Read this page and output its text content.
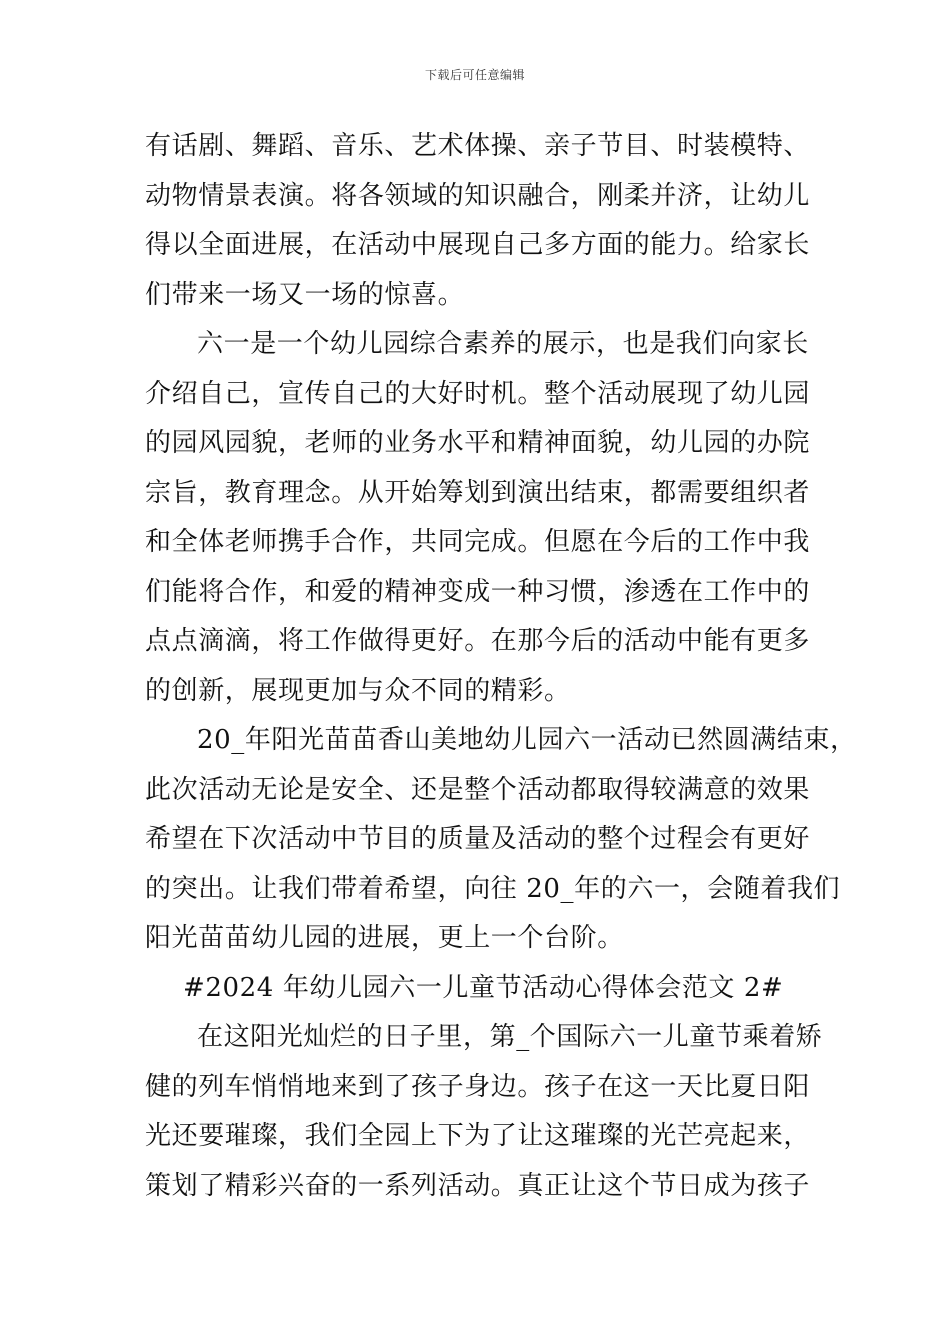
下载后可任意编辑
有话剧、舞蹈、音乐、艺术体操、亲子节目、时装模特、
动物情景表演。将各领域的知识融合，刚柔并济，让幼儿
得以全面进展，在活动中展现自己多方面的能力。给家长
们带来一场又一场的惊喜。
六一是一个幼儿园综合素养的展示，也是我们向家长
介绍自己，宣传自己的大好时机。整个活动展现了幼儿园
的园风园貌，老师的业务水平和精神面貌，幼儿园的办院
宗旨，教育理念。从开始筹划到演出结束，都需要组织者
和全体老师携手合作，共同完成。但愿在今后的工作中我
们能将合作，和爱的精神变成一种习惯，渗透在工作中的
点点滴滴，将工作做得更好。在那今后的活动中能有更多
的创新，展现更加与众不同的精彩。
20_年阳光苗苗香山美地幼儿园六一活动已然圆满结束，
此次活动无论是安全、还是整个活动都取得较满意的效果
希望在下次活动中节目的质量及活动的整个过程会有更好
的突出。让我们带着希望，向往 20_年的六一，会随着我们
阳光苗苗幼儿园的进展，更上一个台阶。
#2024 年幼儿园六一儿童节活动心得体会范文 2#
在这阳光灿烂的日子里，第_个国际六一儿童节乘着矫
健的列车悄悄地来到了孩子身边。孩子在这一天比夏日阳
光还要璀璨，我们全园上下为了让这璀璨的光芒亮起来，
策划了精彩兴奋的一系列活动。真正让这个节日成为孩子
